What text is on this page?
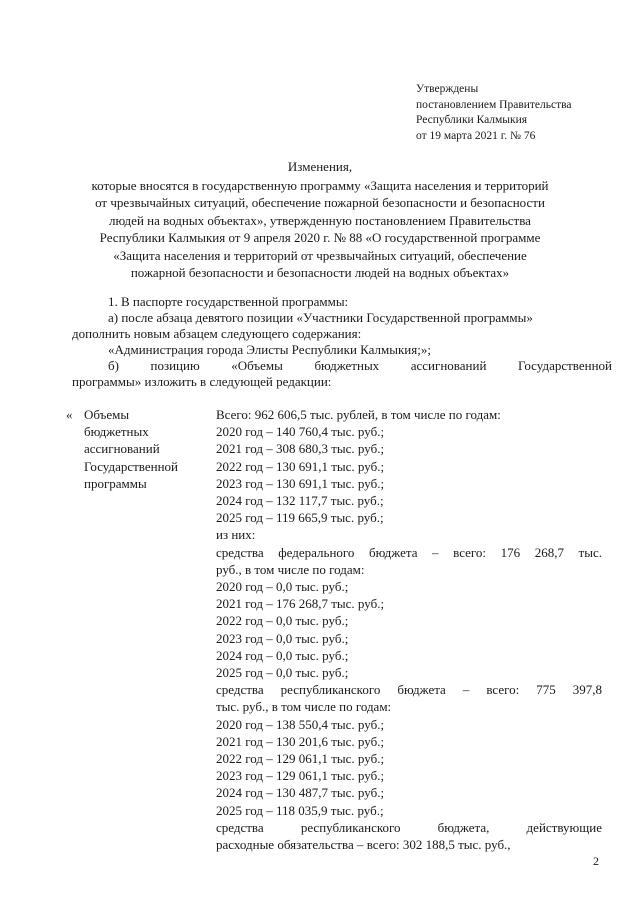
Утверждены
постановлением Правительства
Республики Калмыкия
от 19 марта 2021 г. № 76
Изменения,
которые вносятся в государственную программу «Защита населения и территорий
от чрезвычайных ситуаций, обеспечение пожарной безопасности и безопасности
людей на водных объектах», утвержденную постановлением Правительства
Республики Калмыкия от 9 апреля 2020 г. № 88 «О государственной программе
«Защита населения и территорий от чрезвычайных ситуаций, обеспечение
пожарной безопасности и безопасности людей на водных объектах»
1. В паспорте государственной программы:
а) после абзаца девятого позиции «Участники Государственной программы»
дополнить новым абзацем следующего содержания:
«Администрация города Элисты Республики Калмыкия;»;
б) позицию «Объемы бюджетных ассигнований Государственной
программы» изложить в следующей редакции:
« Объемы
бюджетных
ассигнований
Государственной
программы
Всего: 962 606,5 тыс. рублей, в том числе по годам:
2020 год – 140 760,4 тыс. руб.;
2021 год – 308 680,3 тыс. руб.;
2022 год – 130 691,1 тыс. руб.;
2023 год – 130 691,1 тыс. руб.;
2024 год – 132 117,7 тыс. руб.;
2025 год – 119 665,9 тыс. руб.;
из них:
средства федерального бюджета – всего: 176 268,7 тыс.
руб., в том числе по годам:
2020 год – 0,0 тыс. руб.;
2021 год – 176 268,7 тыс. руб.;
2022 год – 0,0 тыс. руб.;
2023 год – 0,0 тыс. руб.;
2024 год – 0,0 тыс. руб.;
2025 год – 0,0 тыс. руб.;
средства республиканского бюджета – всего: 775 397,8
тыс. руб., в том числе по годам:
2020 год – 138 550,4 тыс. руб.;
2021 год – 130 201,6 тыс. руб.;
2022 год – 129 061,1 тыс. руб.;
2023 год – 129 061,1 тыс. руб.;
2024 год – 130 487,7 тыс. руб.;
2025 год – 118 035,9 тыс. руб.;
средства республиканского бюджета, действующие
расходные обязательства – всего: 302 188,5 тыс. руб.,
2
